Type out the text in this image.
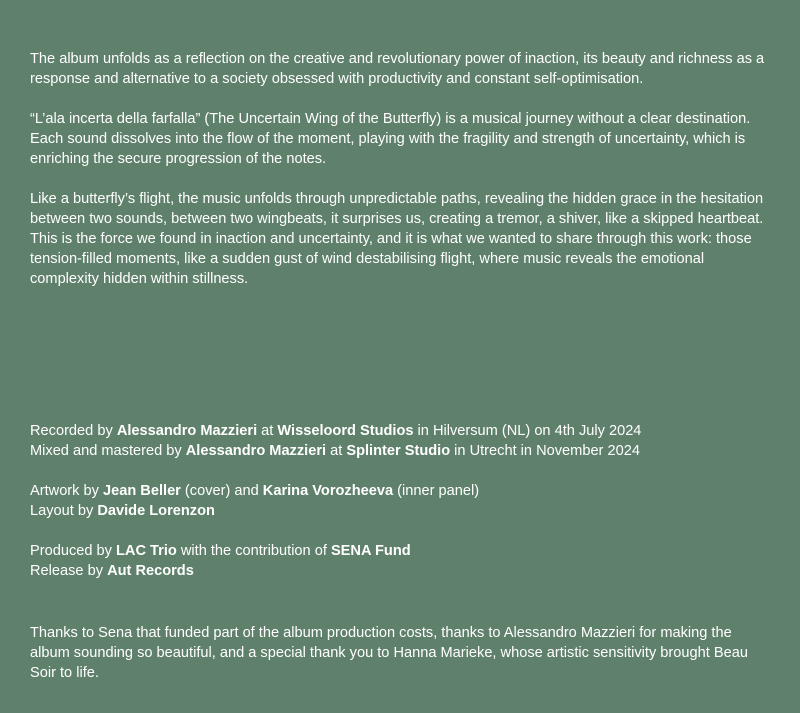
The album unfolds as a reflection on the creative and revolutionary power of inaction, its beauty and richness as a response and alternative to a society obsessed with productivity and constant self-optimisation.

“L’ala incerta della farfalla” (The Uncertain Wing of the Butterfly) is a musical journey without a clear destination. Each sound dissolves into the flow of the moment, playing with the fragility and strength of uncertainty, which is enriching the secure progression of the notes.

Like a butterfly’s flight, the music unfolds through unpredictable paths, revealing the hidden grace in the hesitation between two sounds, between two wingbeats, it surprises us, creating a tremor, a shiver, like a skipped heartbeat.

This is the force we found in inaction and uncertainty, and it is what we wanted to share through this work: those tension-filled moments, like a sudden gust of wind destabilising flight, where music reveals the emotional complexity hidden within stillness.

Recorded by Alessandro Mazzieri at Wisseloord Studios in Hilversum (NL) on 4th July 2024

Mixed and mastered by Alessandro Mazzieri at Splinter Studio in Utrecht in November 2024

Artwork by Jean Beller (cover) and Karina Vorozheeva (inner panel)

Layout by Davide Lorenzon

Produced by LAC Trio with the contribution of SENA Fund

Release by Aut Records

Thanks to Sena that funded part of the album production costs, thanks to Alessandro Mazzieri for making the album sounding so beautiful, and a special thank you to Hanna Marieke, whose artistic sensitivity brought Beau Soir to life.
